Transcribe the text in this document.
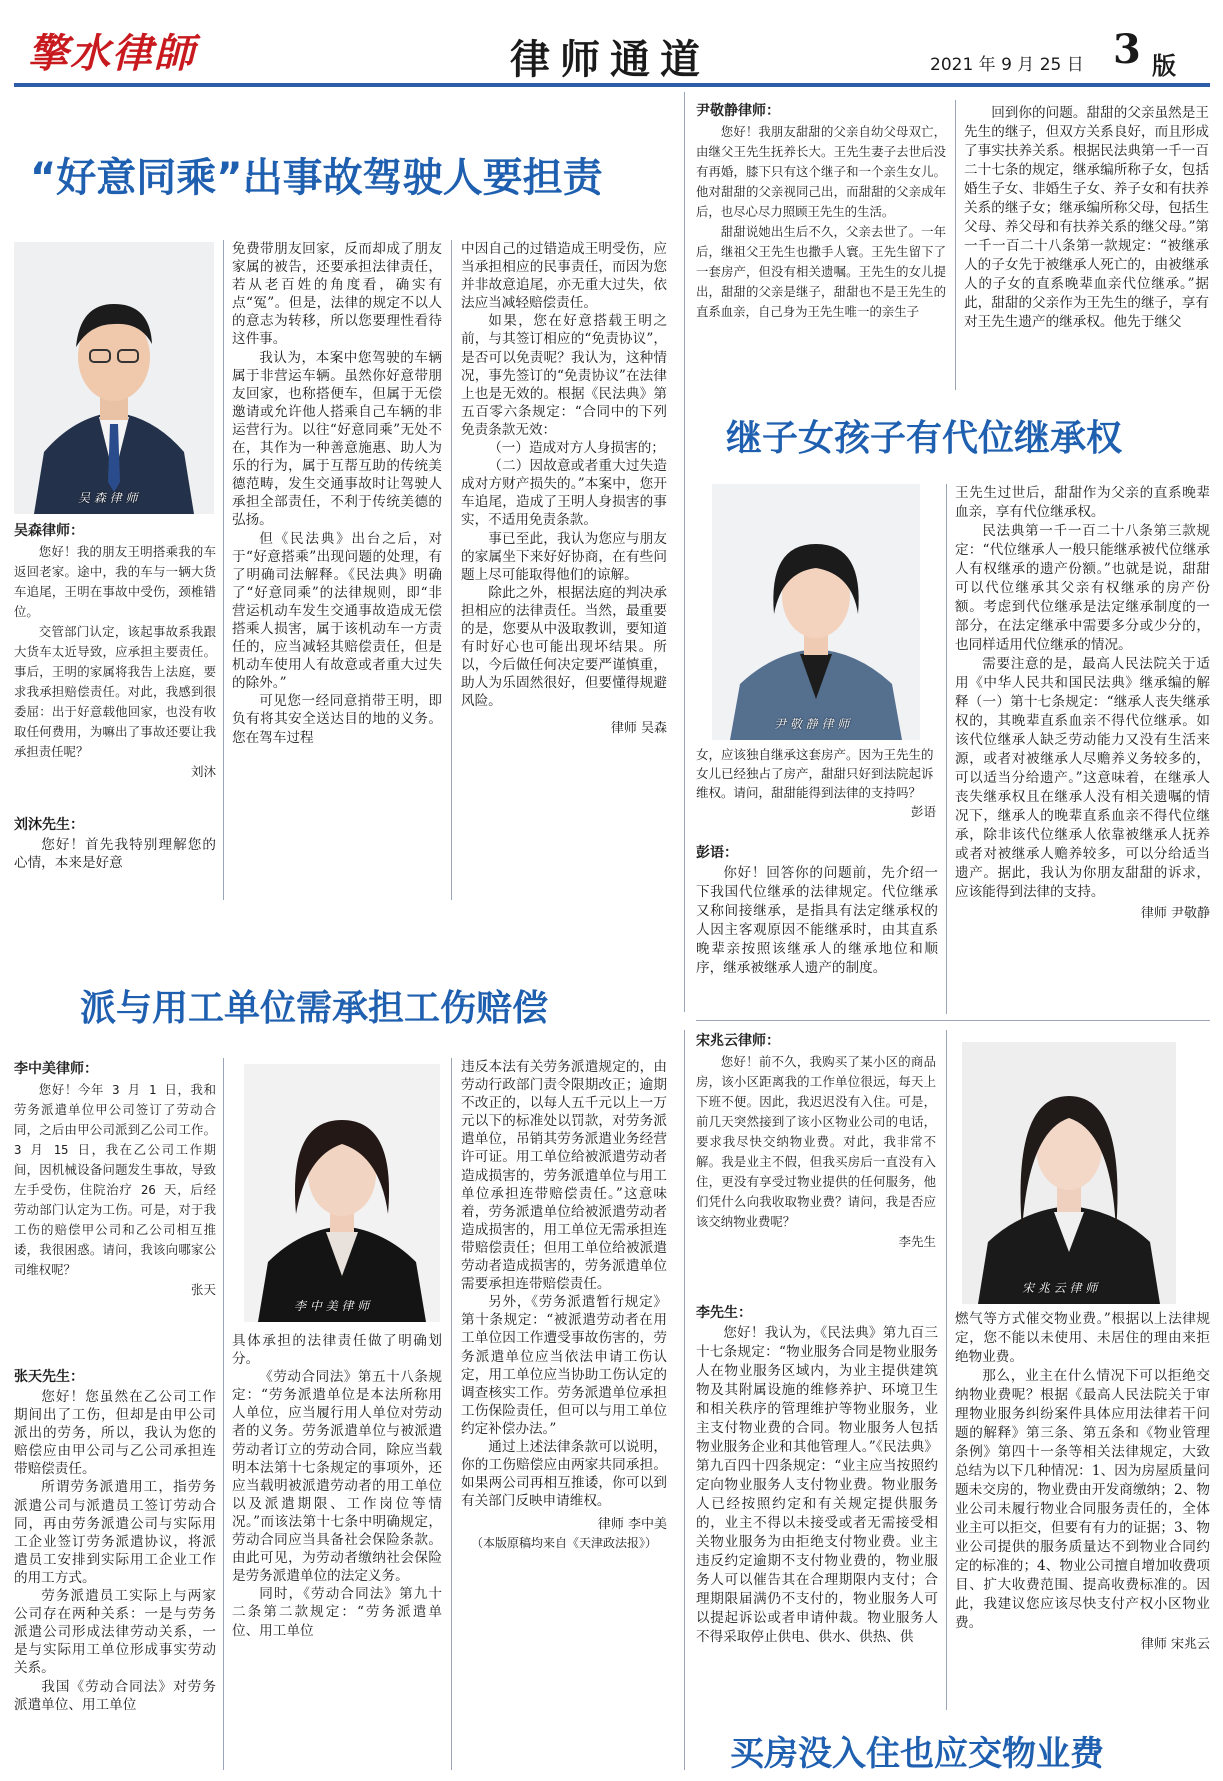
擎水律師	律师通道	2021 年 9 月 25 日 3 版
“好意同乘”出事故驾驶人要担责
吴 森 律 师
吴森律师：

您好！我的朋友王明搭乘我的车返回老家。途中，我的车与一辆大货车追尾，王明在事故中受伤，颈椎错位。

交管部门认定，该起事故系我跟大货车太近导致，应承担主要责任。事后，王明的家属将我告上法庭，要求我承担赔偿责任。对此，我感到很委屈：出于好意载他回家，也没有收取任何费用，为嘛出了事故还要让我承担责任呢？

刘沐
刘沐先生：

您好！首先我特别理解您的心情，本来是好意

免费带朋友回家，反而却成了朋友家属的被告，还要承担法律责任，若从老百姓的角度看，确实有点“冤”。但是，法律的规定不以人的意志为转移，所以您要理性看待这件事。

我认为，本案中您驾驶的车辆属于非营运车辆。虽然你好意带朋友回家，也称搭便车，但属于无偿邀请或允许他人搭乘自己车辆的非运营行为。以往“好意同乘”无处不在，其作为一种善意施惠、助人为乐的行为，属于互帮互助的传统美德范畴，发生交通事故时让驾驶人承担全部责任，不利于传统美德的弘扬。

但《民法典》出台之后，对于“好意搭乘”出现问题的处理，有了明确司法解释。《民法典》明确了“好意同乘”的法律规则，即“非营运机动车发生交通事故造成无偿搭乘人损害，属于该机动车一方责任的，应当减轻其赔偿责任，但是机动车使用人有故意或者重大过失的除外。”

可见您一经同意捎带王明，即负有将其安全送达目的地的义务。您在驾车过程

中因自己的过错造成王明受伤，应当承担相应的民事责任，而因为您并非故意追尾，亦无重大过失，依法应当减轻赔偿责任。

如果，您在好意搭载王明之前，与其签订相应的“免责协议”，是否可以免责呢？我认为，这种情况，事先签订的“免责协议”在法律上也是无效的。根据《民法典》第五百零六条规定：“合同中的下列免责条款无效：

（一）造成对方人身损害的；

（二）因故意或者重大过失造成对方财产损失的。”本案中，您开车追尾，造成了王明人身损害的事实，不适用免责条款。

事已至此，我认为您应与朋友的家属坐下来好好协商，在有些问题上尽可能取得他们的谅解。

除此之外，根据法庭的判决承担相应的法律责任。当然，最重要的是，您要从中汲取教训，要知道有时好心也可能出现坏结果。所以，今后做任何决定要严谨慎重，助人为乐固然很好，但要懂得规避风险。

律师 吴森
尹敬静律师：

您好！我朋友甜甜的父亲自幼父母双亡，由继父王先生抚养长大。王先生妻子去世后没有再婚，膝下只有这个继子和一个亲生女儿。他对甜甜的父亲视同己出，而甜甜的父亲成年后，也尽心尽力照顾王先生的生活。

甜甜说她出生后不久，父亲去世了。一年后，继祖父王先生也撒手人寰。王先生留下了一套房产，但没有相关遗嘱。王先生的女儿提出，甜甜的父亲是继子，甜甜也不是王先生的直系血亲，自己身为王先生唯一的亲生子

回到你的问题。甜甜的父亲虽然是王先生的继子，但双方关系良好，而且形成了事实扶养关系。根据民法典第一千一百二十七条的规定，继承编所称子女，包括婚生子女、非婚生子女、养子女和有扶养关系的继子女；继承编所称父母，包括生父母、养父母和有扶养关系的继父母。”第一千一百二十八条第一款规定：“被继承人的子女先于被继承人死亡的，由被继承人的子女的直系晚辈血亲代位继承。”据此，甜甜的父亲作为王先生的继子，享有对王先生遗产的继承权。他先于继父

继子女孩子有代位继承权
尹 敬 静 律 师
女，应该独自继承这套房产。因为王先生的女儿已经独占了房产，甜甜只好到法院起诉维权。请问，甜甜能得到法律的支持吗？
彭语
彭语：

你好！回答你的问题前，先介绍一下我国代位继承的法律规定。代位继承又称间接继承，是指具有法定继承权的人因主客观原因不能继承时，由其直系晚辈亲按照该继承人的继承地位和顺序，继承被继承人遗产的制度。

王先生过世后，甜甜作为父亲的直系晚辈血亲，享有代位继承权。

民法典第一千一百二十八条第三款规定：“代位继承人一般只能继承被代位继承人有权继承的遗产份额。”也就是说，甜甜可以代位继承其父亲有权继承的房产份额。考虑到代位继承是法定继承制度的一部分，在法定继承中需要多分或少分的，也同样适用代位继承的情况。

需要注意的是，最高人民法院关于适用《中华人民共和国民法典》继承编的解释（一）第十七条规定：“继承人丧失继承权的，其晚辈直系血亲不得代位继承。如该代位继承人缺乏劳动能力又没有生活来源，或者对被继承人尽赡养义务较多的，可以适当分给遗产。”这意味着，在继承人丧失继承权且在继承人没有相关遗嘱的情况下，继承人的晚辈直系血亲不得代位继承，除非该代位继承人依靠被继承人抚养或者对被继承人赡养较多，可以分给适当遗产。据此，我认为你朋友甜甜的诉求，应该能得到法律的支持。

律师 尹敬静
派与用工单位需承担工伤赔偿
李中美律师：

您好！今年 3 月 1 日，我和劳务派遣单位甲公司签订了劳动合同，之后由甲公司派到乙公司工作。3 月 15 日，我在乙公司工作期间，因机械设备问题发生事故，导致左手受伤，住院治疗 26 天，后经劳动部门认定为工伤。可是，对于我工伤的赔偿甲公司和乙公司相互推诿，我很困惑。请问，我该向哪家公司维权呢？

张天
张天先生：

您好！您虽然在乙公司工作期间出了工伤，但却是由甲公司派出的劳务，所以，我认为您的赔偿应由甲公司与乙公司承担连带赔偿责任。

所谓劳务派遣用工，指劳务派遣公司与派遣员工签订劳动合同，再由劳务派遣公司与实际用工企业签订劳务派遣协议，将派遣员工安排到实际用工企业工作的用工方式。

劳务派遣员工实际上与两家公司存在两种关系：一是与劳务派遣公司形成法律劳动关系，一是与实际用工单位形成事实劳动关系。

我国《劳动合同法》对劳务派遣单位、用工单位

李 中 美 律 师

具体承担的法律责任做了明确划分。

《劳动合同法》第五十八条规定：“劳务派遣单位是本法所称用人单位，应当履行用人单位对劳动者的义务。劳务派遣单位与被派遣劳动者订立的劳动合同，除应当载明本法第十七条规定的事项外，还应当载明被派遣劳动者的用工单位以及派遣期限、工作岗位等情况。”而该法第十七条中明确规定，劳动合同应当具备社会保险条款。由此可见，为劳动者缴纳社会保险是劳务派遣单位的法定义务。

同时，《劳动合同法》第九十二条第二款规定：“劳务派遣单位、用工单位

违反本法有关劳务派遣规定的，由劳动行政部门责令限期改正；逾期不改正的，以每人五千元以上一万元以下的标准处以罚款，对劳务派遣单位，吊销其劳务派遣业务经营许可证。用工单位给被派遣劳动者造成损害的，劳务派遣单位与用工单位承担连带赔偿责任。”这意味着，劳务派遣单位给被派遣劳动者造成损害的，用工单位无需承担连带赔偿责任；但用工单位给被派遣劳动者造成损害的，劳务派遣单位需要承担连带赔偿责任。

另外，《劳务派遣暂行规定》第十条规定：“被派遣劳动者在用工单位因工作遭受事故伤害的，劳务派遣单位应当依法申请工伤认定，用工单位应当协助工伤认定的调查核实工作。劳务派遣单位承担工伤保险责任，但可以与用工单位约定补偿办法。”

通过上述法律条款可以说明，你的工伤赔偿应由两家共同承担。如果两公司再相互推诿，你可以到有关部门反映申请维权。

律师 李中美
（本版原稿均来自《天津政法报》）
宋兆云律师：

您好！前不久，我购买了某小区的商品房，该小区距离我的工作单位很远，每天上下班不便。因此，我迟迟没有入住。可是，前几天突然接到了该小区物业公司的电话，要求我尽快交纳物业费。对此，我非常不解。我是业主不假，但我买房后一直没有入住，更没有享受过物业提供的任何服务，他们凭什么向我收取物业费？请问，我是否应该交纳物业费呢？

李先生
宋 兆 云 律 师
李先生：

您好！我认为，《民法典》第九百三十七条规定：“物业服务合同是物业服务人在物业服务区域内，为业主提供建筑物及其附属设施的维修养护、环境卫生和相关秩序的管理维护等物业服务，业主支付物业费的合同。物业服务人包括物业服务企业和其他管理人。”《民法典》第九百四十四条规定：“业主应当按照约定向物业服务人支付物业费。物业服务人已经按照约定和有关规定提供服务的，业主不得以未接受或者无需接受相关物业服务为由拒绝支付物业费。业主违反约定逾期不支付物业费的，物业服务人可以催告其在合理期限内支付；合理期限届满仍不支付的，物业服务人可以提起诉讼或者申请仲裁。物业服务人不得采取停止供电、供水、供热、供

燃气等方式催交物业费。”根据以上法律规定，您不能以未使用、未居住的理由来拒绝物业费。

那么，业主在什么情况下可以拒绝交纳物业费呢？根据《最高人民法院关于审理物业服务纠纷案件具体应用法律若干问题的解释》第三条、第五条和《物业管理条例》第四十一条等相关法律规定，大致总结为以下几种情况：1、因为房屋质量问题未交房的，物业费由开发商缴纳；2、物业公司未履行物业合同服务责任的，全体业主可以拒交，但要有有力的证据；3、物业公司提供的服务质量达不到物业合同约定的标准的；4、物业公司擅自增加收费项目、扩大收费范围、提高收费标准的。因此，我建议您应该尽快支付产权小区物业费。

律师 宋兆云
买房没入住也应交物业费
